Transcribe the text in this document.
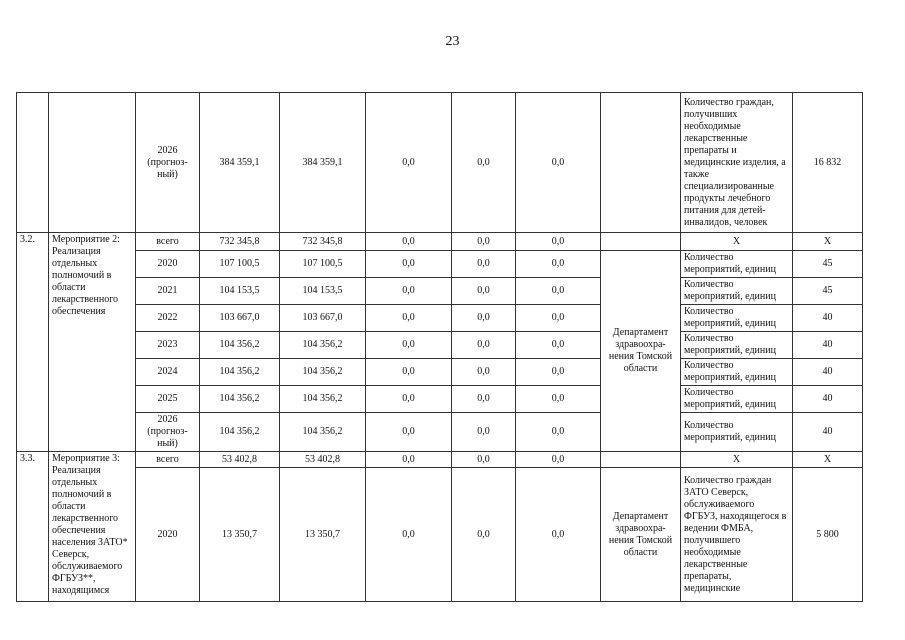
23
		2026
(прогноз-
ный)	384 359,1	384 359,1	0,0	0,0	0,0		Количество граждан, получивших необходимые лекарственные препараты и медицинские изделия, а также специализированные продукты лечебного питания для детей-инвалидов, человек	16 832
3.2.	Мероприятие 2: Реализация отдельных полномочий в области лекарственного обеспечения	всего	732 345,8	732 345,8	0,0	0,0	0,0		X	X
		2020	107 100,5	107 100,5	0,0	0,0	0,0	Департамент здравоохра-нения Томской области	Количество мероприятий, единиц	45
		2021	104 153,5	104 153,5	0,0	0,0	0,0		Количество мероприятий, единиц	45
		2022	103 667,0	103 667,0	0,0	0,0	0,0		Количество мероприятий, единиц	40
		2023	104 356,2	104 356,2	0,0	0,0	0,0		Количество мероприятий, единиц	40
		2024	104 356,2	104 356,2	0,0	0,0	0,0		Количество мероприятий, единиц	40
		2025	104 356,2	104 356,2	0,0	0,0	0,0		Количество мероприятий, единиц	40
		2026
(прогноз-
ный)	104 356,2	104 356,2	0,0	0,0	0,0		Количество мероприятий, единиц	40
3.3.	Мероприятие 3: Реализация отдельных полномочий в области лекарственного обеспечения населения ЗАТО* Северск, обслуживаемого ФГБУЗ**, находящимся	всего	53 402,8	53 402,8	0,0	0,0	0,0		X	X
		2020	13 350,7	13 350,7	0,0	0,0	0,0	Департамент здравоохра-нения Томской области	Количество граждан ЗАТО Северск, обслуживаемого ФГБУЗ, находящегося в ведении ФМБА, получившего необходимые лекарственные препараты, медицинские	5 800
